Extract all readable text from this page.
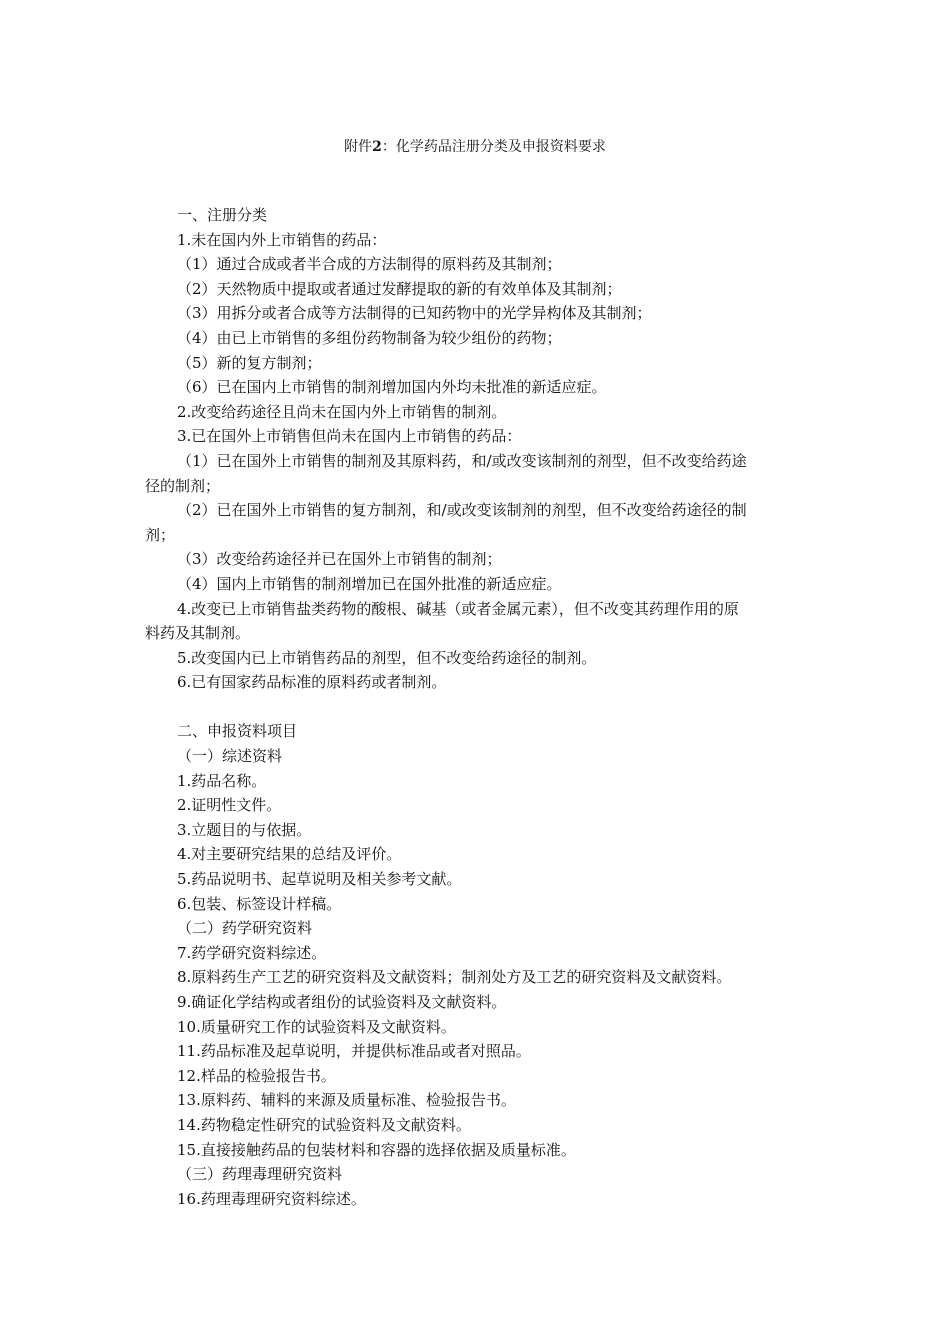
附件2：化学药品注册分类及申报资料要求
一、注册分类
1.未在国内外上市销售的药品：
（1）通过合成或者半合成的方法制得的原料药及其制剂；
（2）天然物质中提取或者通过发酵提取的新的有效单体及其制剂；
（3）用拆分或者合成等方法制得的已知药物中的光学异构体及其制剂；
（4）由已上市销售的多组份药物制备为较少组份的药物；
（5）新的复方制剂；
（6）已在国内上市销售的制剂增加国内外均未批准的新适应症。
2.改变给药途径且尚未在国内外上市销售的制剂。
3.已在国外上市销售但尚未在国内上市销售的药品：
（1）已在国外上市销售的制剂及其原料药，和/或改变该制剂的剂型，但不改变给药途
径的制剂；
（2）已在国外上市销售的复方制剂，和/或改变该制剂的剂型，但不改变给药途径的制
剂；
（3）改变给药途径并已在国外上市销售的制剂；
（4）国内上市销售的制剂增加已在国外批准的新适应症。
4.改变已上市销售盐类药物的酸根、碱基（或者金属元素），但不改变其药理作用的原
料药及其制剂。
5.改变国内已上市销售药品的剂型，但不改变给药途径的制剂。
6.已有国家药品标准的原料药或者制剂。
二、申报资料项目
（一）综述资料
1.药品名称。
2.证明性文件。
3.立题目的与依据。
4.对主要研究结果的总结及评价。
5.药品说明书、起草说明及相关参考文献。
6.包装、标签设计样稿。
（二）药学研究资料
7.药学研究资料综述。
8.原料药生产工艺的研究资料及文献资料；制剂处方及工艺的研究资料及文献资料。
9.确证化学结构或者组份的试验资料及文献资料。
10.质量研究工作的试验资料及文献资料。
11.药品标准及起草说明，并提供标准品或者对照品。
12.样品的检验报告书。
13.原料药、辅料的来源及质量标准、检验报告书。
14.药物稳定性研究的试验资料及文献资料。
15.直接接触药品的包装材料和容器的选择依据及质量标准。
（三）药理毒理研究资料
16.药理毒理研究资料综述。
